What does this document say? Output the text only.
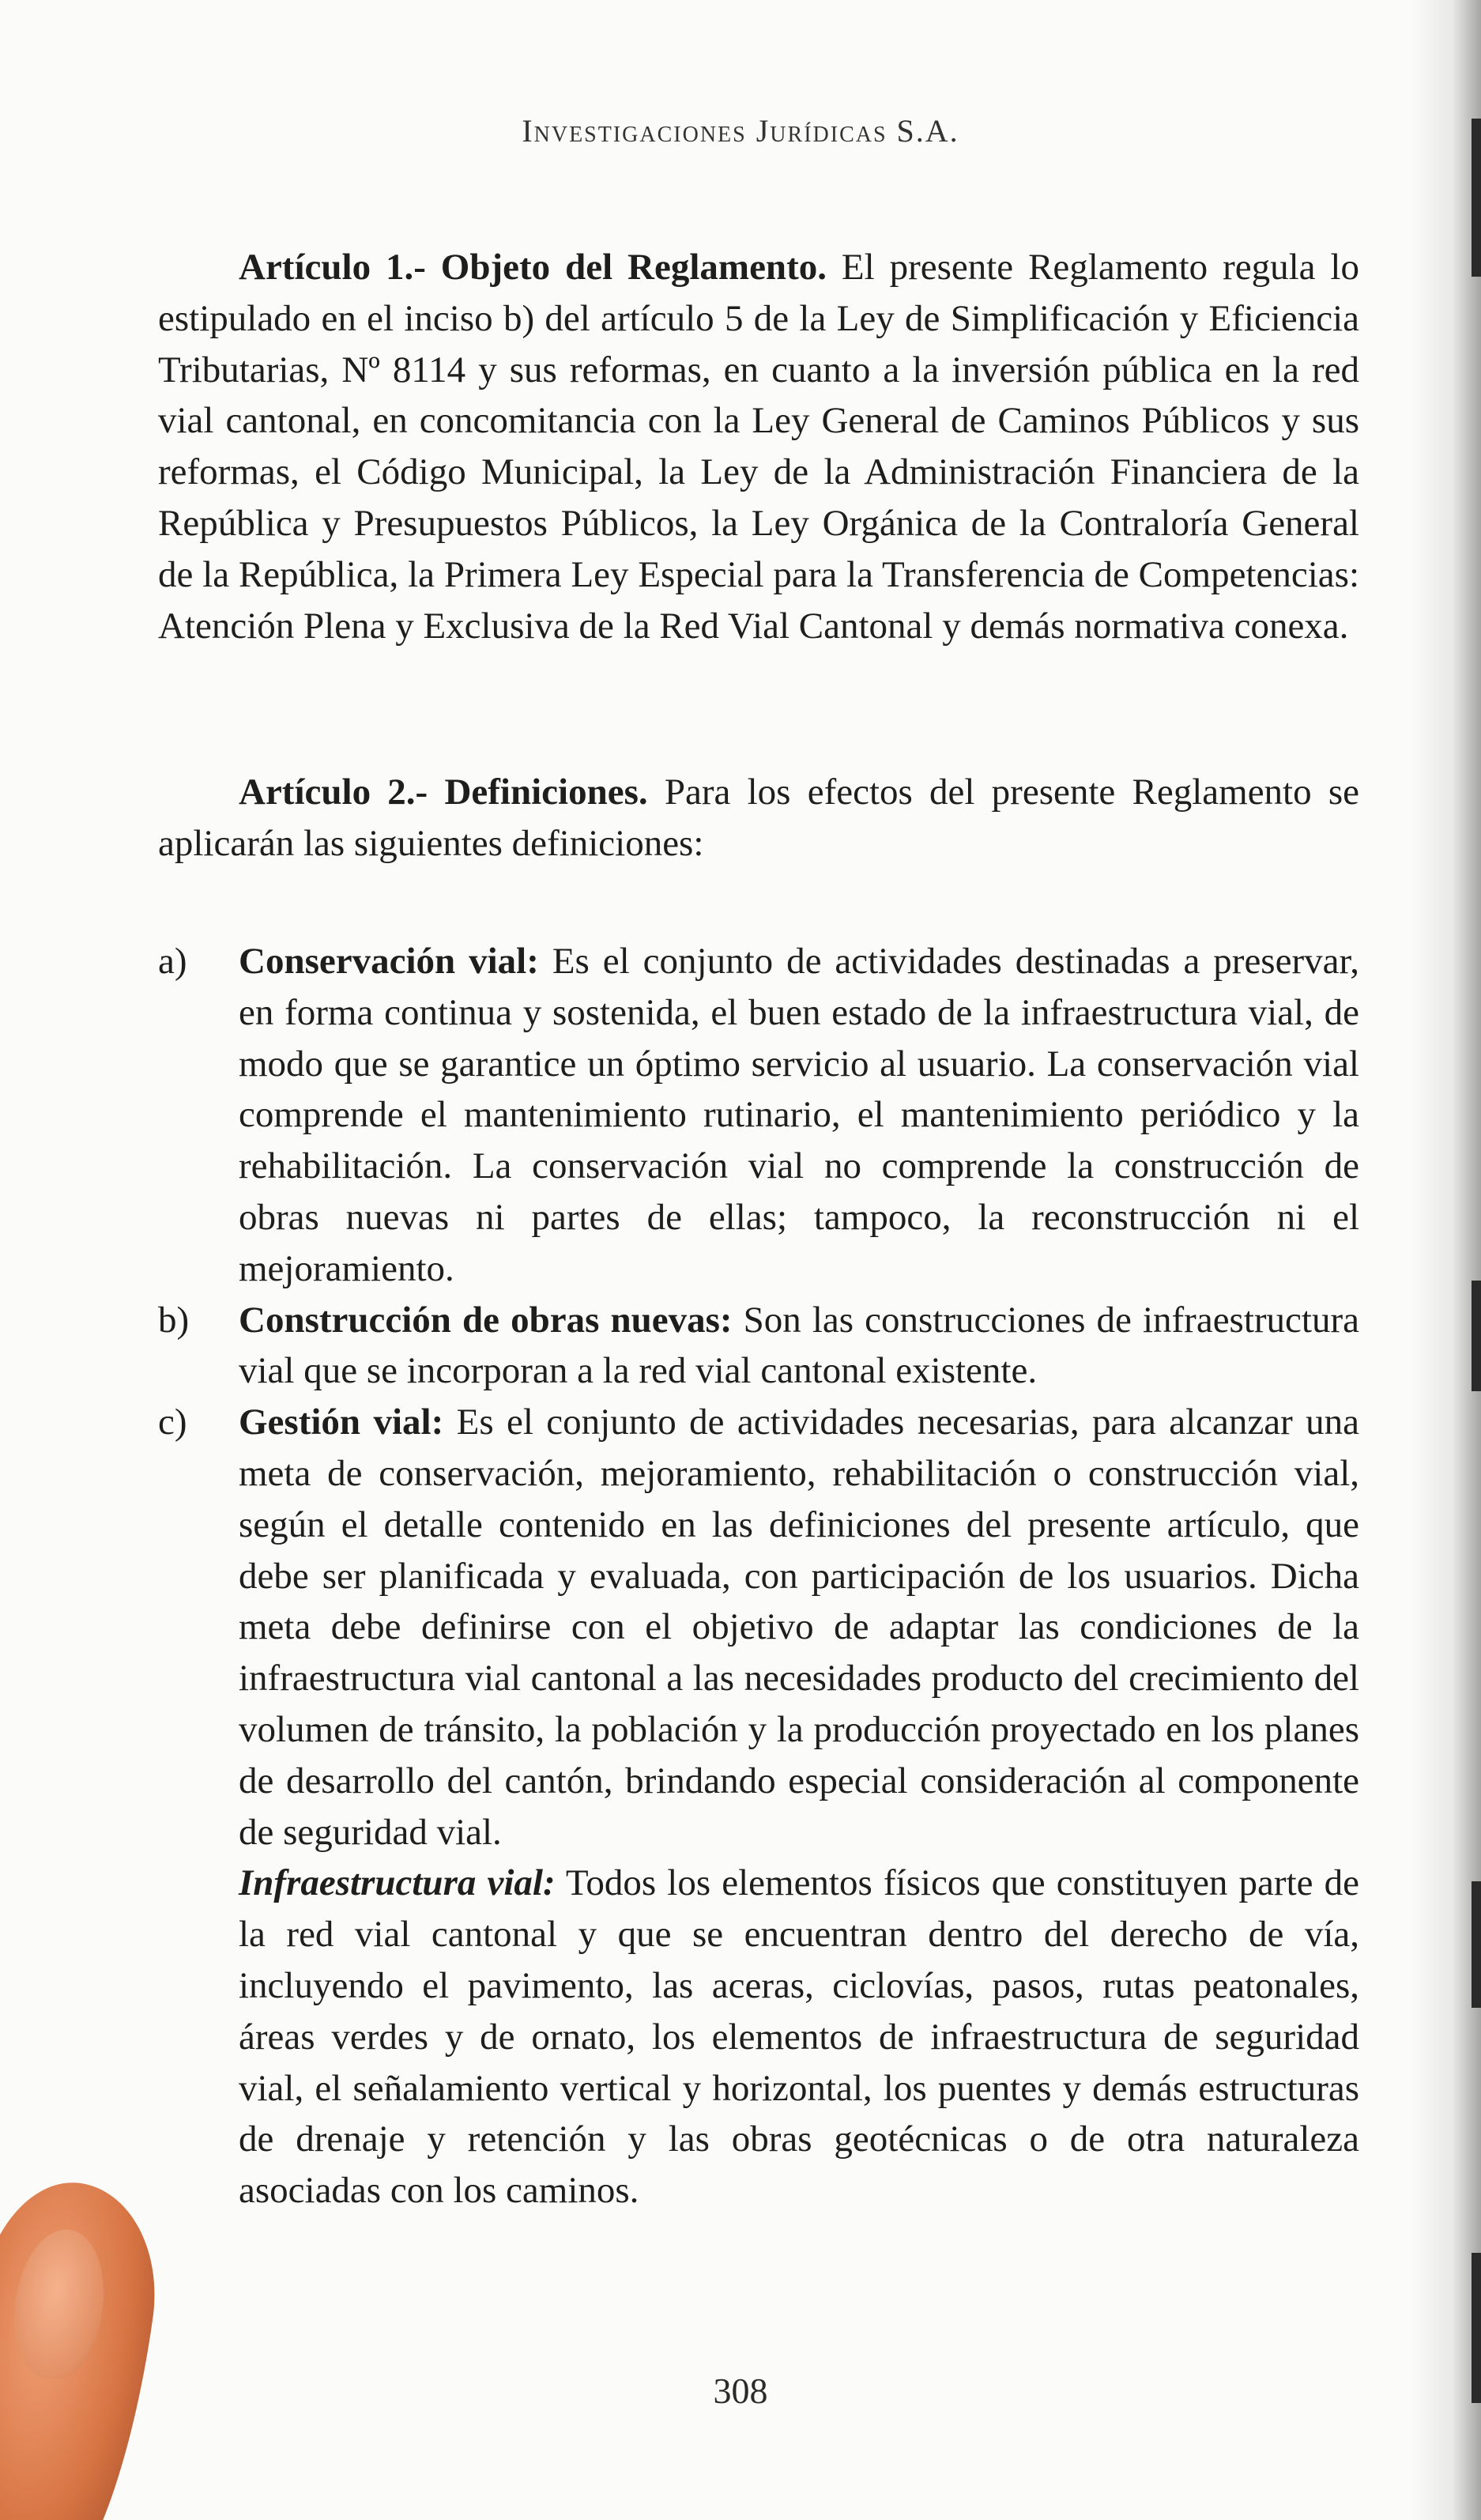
Investigaciones Jurídicas S.A.

Artículo 1.- Objeto del Reglamento. El presente Reglamento regula lo estipulado en el inciso b) del artículo 5 de la Ley de Simplificación y Eficiencia Tributarias, Nº 8114 y sus reformas, en cuanto a la inversión pública en la red vial cantonal, en concomitancia con la Ley General de Caminos Públicos y sus reformas, el Código Municipal, la Ley de la Administración Financiera de la República y Presupuestos Públicos, la Ley Orgánica de la Contraloría General de la República, la Primera Ley Especial para la Transferencia de Competencias: Atención Plena y Exclusiva de la Red Vial Cantonal y demás normativa conexa.

Artículo 2.- Definiciones. Para los efectos del presente Reglamento se aplicarán las siguientes definiciones:

a) Conservación vial: Es el conjunto de actividades destinadas a preservar, en forma continua y sostenida, el buen estado de la infraestructura vial, de modo que se garantice un óptimo servicio al usuario. La conservación vial comprende el mantenimiento rutinario, el mantenimiento periódico y la rehabilitación. La conservación vial no comprende la construcción de obras nuevas ni partes de ellas; tampoco, la reconstrucción ni el mejoramiento.
b) Construcción de obras nuevas: Son las construcciones de infraestructura vial que se incorporan a la red vial cantonal existente.
c) Gestión vial: Es el conjunto de actividades necesarias, para alcanzar una meta de conservación, mejoramiento, rehabilitación o construcción vial, según el detalle contenido en las definiciones del presente artículo, que debe ser planificada y evaluada, con participación de los usuarios. Dicha meta debe definirse con el objetivo de adaptar las condiciones de la infraestructura vial cantonal a las necesidades producto del crecimiento del volumen de tránsito, la población y la producción proyectado en los planes de desarrollo del cantón, brindando especial consideración al componente de seguridad vial.
Infraestructura vial: Todos los elementos físicos que constituyen parte de la red vial cantonal y que se encuentran dentro del derecho de vía, incluyendo el pavimento, las aceras, ciclovías, pasos, rutas peatonales, áreas verdes y de ornato, los elementos de infraestructura de seguridad vial, el señalamiento vertical y horizontal, los puentes y demás estructuras de drenaje y retención y las obras geotécnicas o de otra naturaleza asociadas con los caminos.
308
